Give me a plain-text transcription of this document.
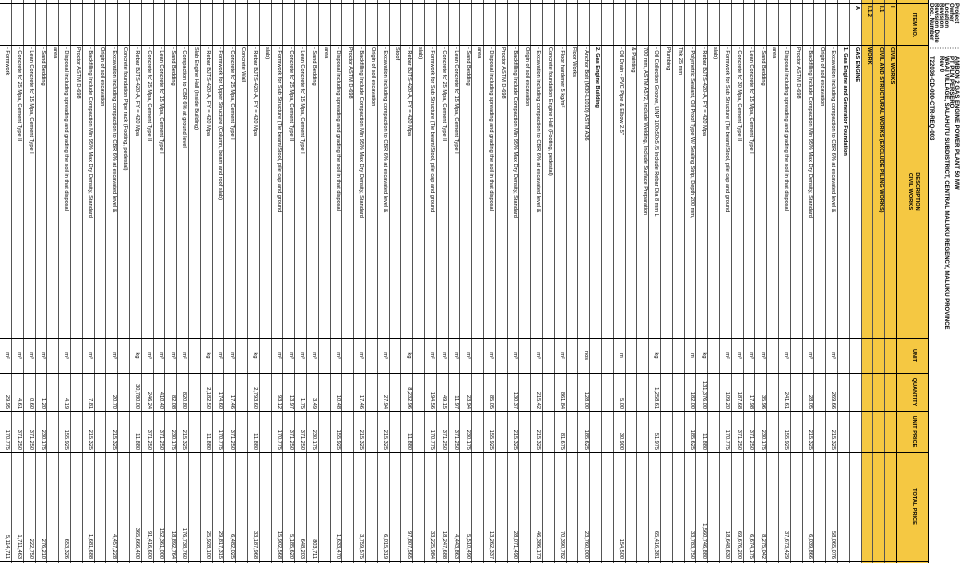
Project
:
AMBON 2 GAS ENGINE POWER PLANT 50 MW
Owner
:
PT PLN PERSERO
Location
:
WAAI VILLAGE, SALAHUTU SUBDISTRICT, CENTRAL MALUKU REGENCY, MALUKU PROVINCE
Revision
:
Rev 0
Revision Date
:
Doc. Number
:
T22036-CD-000-CTR-REQ-003
ITEM NO.
DESCRIPTION
CIVIL WORKS
UNIT
QUANTITY
UNIT PRICE
TOTAL PRICE
I
CIVIL WORKS
I.1
CIVIL AND STRUCTURAL WORKS (EXCLUDE PILING WORKS)
I.1.2
WORK
A
GAS ENGINE
1. Gas Engine and Generator Foundation
- Excavation including compaction to CBR 6% at excavated level &
m³
269.66
215.325
58,065,076
Origin of soil excavation
- Backfilling Include Compaction Min 95% Max Dry Density, Standard
m³
28.05
215.325
6,039,866
Proctor ASTM D-698
- Disposal including spreading and grading the soil in that disposal
m³
241.61
155.925
37,673,429
area
- Sand Bedding
m³
35.96
230.175
8,275,042
- Lean Concrete fc' 15 Mpa, Cement Type I
m³
17.98
371.250
6,674,175
- Concrete fc' 30 Mpa, Cement Type II
m³
187.68
371.250
69,676,200
- Formwork for Sub Structure (Tie beam/Stool, pile cap and ground
m²
109.20
170.775
18,648,630
slab)
- Rebar BJTS-420-A, FY = 420 Mpa
kg
131,376.00
11.880
1,560,746,880
- Polymetric Sealant, Oil Proof Type W/ Sealing Strip, Depth 200 mm,
m
182.00
185.625
33,783,750
Thk 25 mm
Plumbing
- Oil Collection Groove, UNP 100x50x5 /5 Include Rebar Dia 8 mm L
kg
1,258.61
51.975
65,416,381
700 mm, ASTM A572, Include Welding, Include Surface Preparation
& Painting
- Oil Drain - PVC Pipe & Elbow 2.5"
m
5.00
30.900
154,500
2. Gas Engine Building
- Anchor Bolt (M30-L1010) ASTM A36
nos
128.00
185.625
23,760,000
Floor Works
- Floor hardener 5 kg/m²
m²
861.84
81.675
70,390,782
Concrete foundation Engine Hall (Footing, pedestal)
- Excavation including compaction to CBR 6% at excavated level &
m³
215.42
215.325
46,386,173
Origin of soil excavation
- Backfilling Include Compaction Min 95% Max Dry Density, Standard
m³
130.37
215.325
28,071,490
Proctor ASTM D-698
- Disposal including spreading and grading the soil in that disposal
m³
85.05
155.925
13,262,337
area
- Sand Bedding
m³
23.94
230.175
5,510,490
- Lean Concrete fc' 15 Mpa, Cement Type I
m³
11.97
371.250
4,443,863
- Concrete fc' 25 Mpa, Cement Type II
m³
49.15
371.250
18,247,688
- Formwork for Sub Structure (Tie beam/Stool, pile cap and ground
m²
194.56
170.775
33,225,984
slab)
- Rebar BJTS-420-A, FY = 420 Mpa
kg
8,232.96
11.880
97,807,565
Stoof
- Excavation including compaction to CBR 6% at excavated level &
m³
27.94
215.325
6,015,319
Origin of soil excavation
- Backfilling Include Compaction Min 95% Max Dry Density, Standard
m³
17.46
215.325
3,759,575
Proctor ASTM D-698
- Disposal including spreading and grading the soil in that disposal
m³
10.48
155.925
1,633,470
area
- Sand Bedding
m³
3.49
230.175
803,711
- Lean Concrete fc' 15 Mpa, Cement Type I
m³
1.75
371.250
648,203
- Concrete fc' 25 Mpa, Cement Type II
m³
13.97
371.250
5,185,620
- Formwork for Sub Structure (Tie beam/Stool, pile cap and ground
m²
93.12
170.775
15,902,568
slab)
- Rebar BJTS-420-A, FY = 420 Mpa
kg
2,793.60
11.880
33,187,968
Concrete Wall
- Concrete fc' 25 Mpa, Cement Type I
m³
17.46
371.250
6,482,025
- Formwork for Upper Structure (Column, beam and roof slab)
m²
174.60
170.775
29,817,315
- Rebar BJTS-420-A, FY = 420 Mpa
kg
2,182.50
11.880
25,928,100
Slab Engine Hall (Inside Building)
- Compaction to CBR 6% at ground level
m²
820.80
215.325
176,738,760
- Sand Bedding
m³
82.08
230.175
18,892,764
- Lean Concrete fc' 15 Mpa, Cement Type I
m³
410.40
371.250
152,361,000
- Concrete fc' 25 Mpa, Cement Type II
m³
246.24
371.250
91,416,600
- Rebar BJTS-420-A, FY = 420 Mpa
kg
30,780.00
11.880
365,666,400
Concrete foundation Pipe rack (Footing, pedestal)
- Excavation including compaction to CBR 6% at excavated level &
m³
20.70
215.325
4,457,228
Origin of soil excavation
- Backfilling Include Compaction Min 95% Max Dry Density, Standard
m³
7.81
215.325
1,681,688
Proctor ASTM D-698
- Disposal including spreading and grading the soil in that disposal
m³
4.19
155.925
653,326
area
- Sand Bedding
m³
1.20
230.175
276,210
- Lean Concrete fc' 15 Mpa, Cement Type I
m³
0.60
371.250
222,750
- Concrete fc' 25 Mpa, Cement Type II
m³
4.61
371.250
1,711,463
- Formwork
m²
29.95
170.775
5,114,711
